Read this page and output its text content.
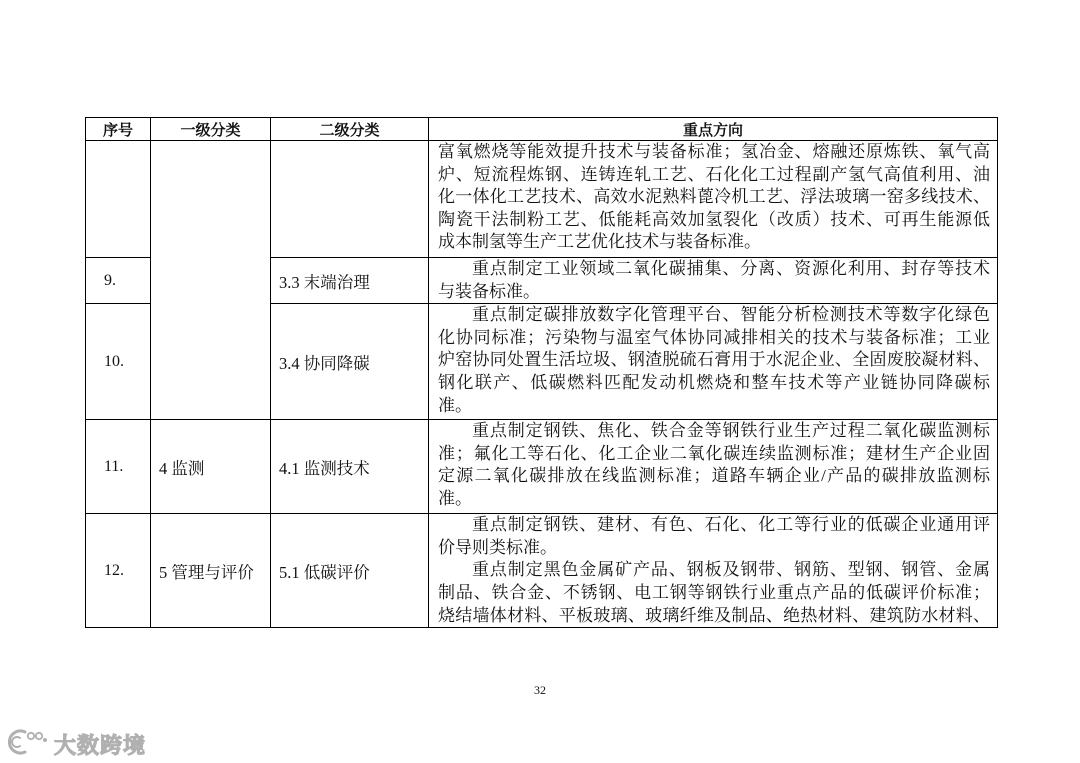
序号	一级分类	二级分类	重点方向

			富氧燃烧等能效提升技术与装备标准；氢冶金、熔融还原炼铁、氧气高
炉、短流程炼钢、连铸连轧工艺、石化化工过程副产氢气高值利用、油
化一体化工艺技术、高效水泥熟料蓖冷机工艺、浮法玻璃一窑多线技术、
陶瓷干法制粉工艺、低能耗高效加氢裂化（改质）技术、可再生能源低
成本制氢等生产工艺优化技术与装备标准。

9.		3.3 末端治理	重点制定工业领域二氧化碳捕集、分离、资源化利用、封存等技术
与装备标准。

10.		3.4 协同降碳	重点制定碳排放数字化管理平台、智能分析检测技术等数字化绿色
化协同标准；污染物与温室气体协同减排相关的技术与装备标准；工业
炉窑协同处置生活垃圾、钢渣脱硫石膏用于水泥企业、全固废胶凝材料、
钢化联产、低碳燃料匹配发动机燃烧和整车技术等产业链协同降碳标
准。

11.	4 监测	4.1 监测技术	重点制定钢铁、焦化、铁合金等钢铁行业生产过程二氧化碳监测标
准；氟化工等石化、化工企业二氧化碳连续监测标准；建材生产企业固
定源二氧化碳排放在线监测标准；道路车辆企业/产品的碳排放监测标
准。

12.	5 管理与评价	5.1 低碳评价	重点制定钢铁、建材、有色、石化、化工等行业的低碳企业通用评
价导则类标准。
重点制定黑色金属矿产品、钢板及钢带、钢筋、型钢、钢管、金属
制品、铁合金、不锈钢、电工钢等钢铁行业重点产品的低碳评价标准；
烧结墙体材料、平板玻璃、玻璃纤维及制品、绝热材料、建筑防水材料、
32
大数跨境
